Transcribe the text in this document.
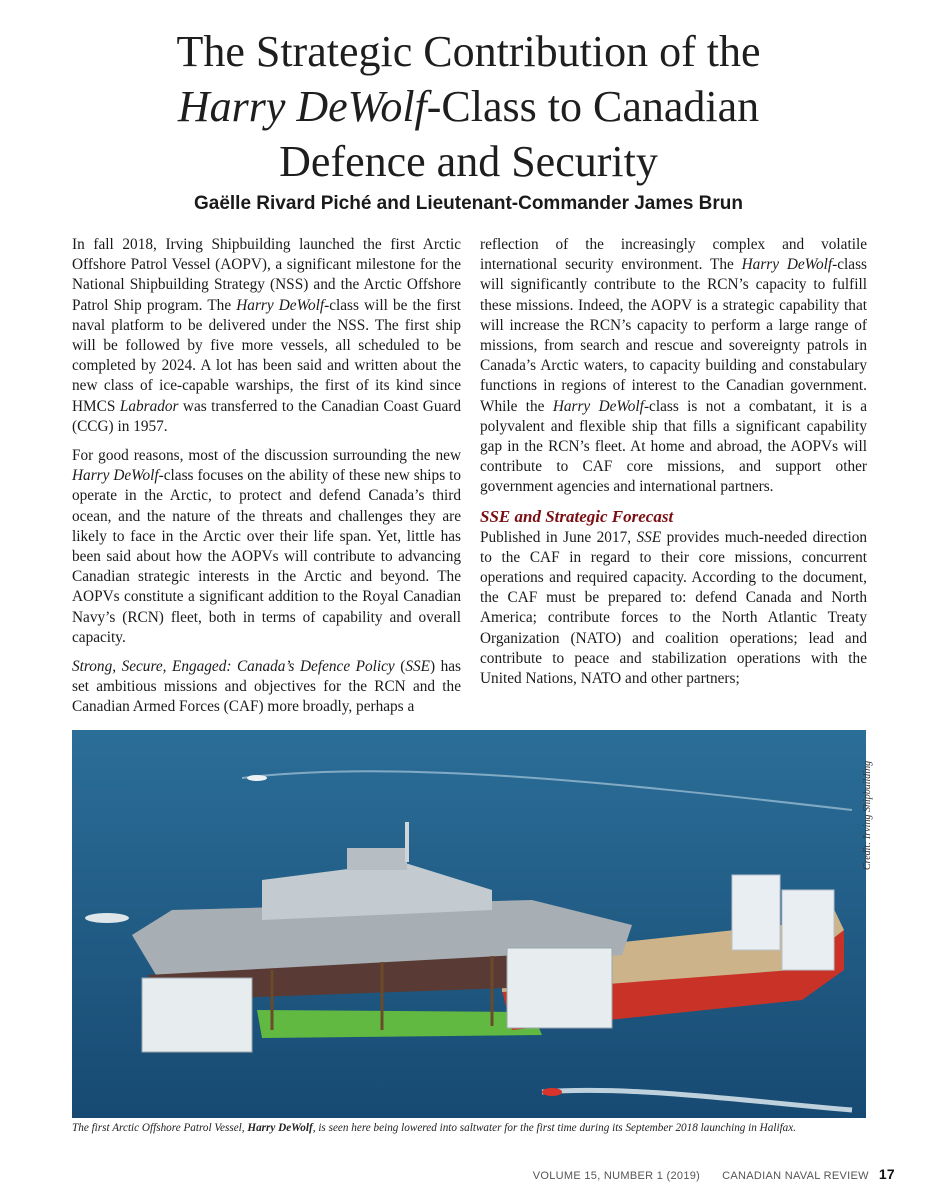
The Strategic Contribution of the
Harry DeWolf-Class to Canadian
Defence and Security
Gaëlle Rivard Piché and Lieutenant-Commander James Brun

In fall 2018, Irving Shipbuilding launched the first Arctic Offshore Patrol Vessel (AOPV), a significant milestone for the National Shipbuilding Strategy (NSS) and the Arctic Offshore Patrol Ship program. The Harry DeWolf-class will be the first naval platform to be delivered under the NSS. The first ship will be followed by five more vessels, all scheduled to be completed by 2024. A lot has been said and written about the new class of ice-capable warships, the first of its kind since HMCS Labrador was transferred to the Canadian Coast Guard (CCG) in 1957.

For good reasons, most of the discussion surrounding the new Harry DeWolf-class focuses on the ability of these new ships to operate in the Arctic, to protect and defend Canada’s third ocean, and the nature of the threats and challenges they are likely to face in the Arctic over their life span. Yet, little has been said about how the AOPVs will contribute to advancing Canadian strategic interests in the Arctic and beyond. The AOPVs constitute a significant addition to the Royal Canadian Navy’s (RCN) fleet, both in terms of capability and overall capacity.

Strong, Secure, Engaged: Canada’s Defence Policy (SSE) has set ambitious missions and objectives for the RCN and the Canadian Armed Forces (CAF) more broadly, perhaps a

reflection of the increasingly complex and volatile international security environment. The Harry DeWolf-class will significantly contribute to the RCN’s capacity to fulfill these missions. Indeed, the AOPV is a strategic capability that will increase the RCN’s capacity to perform a large range of missions, from search and rescue and sovereignty patrols in Canada’s Arctic waters, to capacity building and constabulary functions in regions of interest to the Canadian government. While the Harry DeWolf-class is not a combatant, it is a polyvalent and flexible ship that fills a significant capability gap in the RCN’s fleet. At home and abroad, the AOPVs will contribute to CAF core missions, and support other government agencies and international partners.

SSE and Strategic Forecast

Published in June 2017, SSE provides much-needed direction to the CAF in regard to their core missions, concurrent operations and required capacity. According to the document, the CAF must be prepared to: defend Canada and North America; contribute forces to the North Atlantic Treaty Organization (NATO) and coalition operations; lead and contribute to peace and stabilization operations with the United Nations, NATO and other partners;

Credit: Irving Shipbuilding
The first Arctic Offshore Patrol Vessel, Harry DeWolf, is seen here being lowered into saltwater for the first time during its September 2018 launching in Halifax.
VOLUME 15, NUMBER 1 (2019) CANADIAN NAVAL REVIEW 17
